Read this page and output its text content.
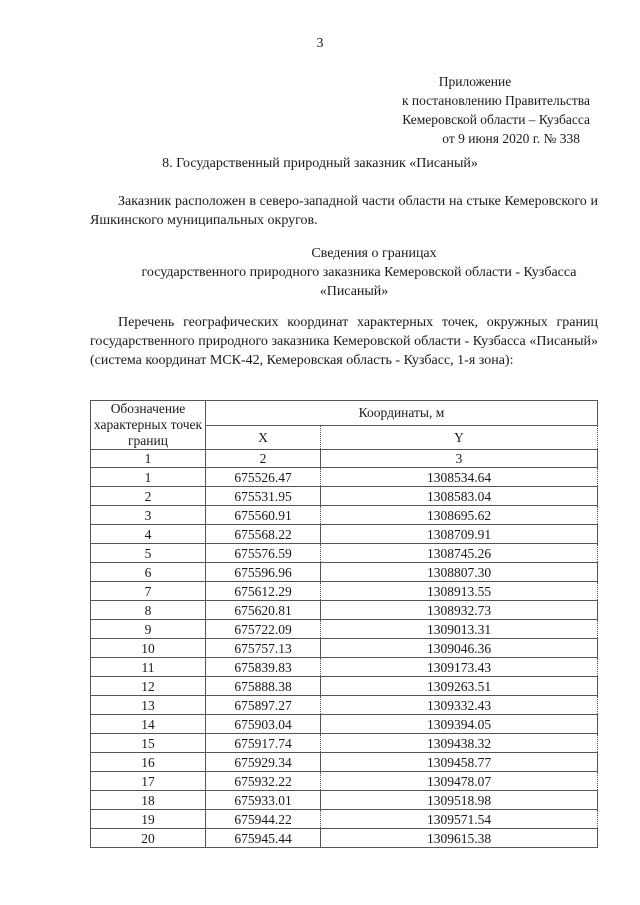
3
Приложение
к постановлению Правительства
Кемеровской области – Кузбасса
от 9 июня 2020 г. № 338
8. Государственный природный заказник «Писаный»
Заказник расположен в северо-западной части области на стыке Кемеровского и Яшкинского муниципальных округов.
Сведения о границах
государственного природного заказника Кемеровской области - Кузбасса
«Писаный»
Перечень географических координат характерных точек, окружных границ государственного природного заказника Кемеровской области - Кузбасса «Писаный» (система координат МСК-42, Кемеровская область - Кузбасс, 1-я зона):
Обозначение характерных точек границ	Координаты, м	
	X	Y
1	2	3
1	675526.47	1308534.64
2	675531.95	1308583.04
3	675560.91	1308695.62
4	675568.22	1308709.91
5	675576.59	1308745.26
6	675596.96	1308807.30
7	675612.29	1308913.55
8	675620.81	1308932.73
9	675722.09	1309013.31
10	675757.13	1309046.36
11	675839.83	1309173.43
12	675888.38	1309263.51
13	675897.27	1309332.43
14	675903.04	1309394.05
15	675917.74	1309438.32
16	675929.34	1309458.77
17	675932.22	1309478.07
18	675933.01	1309518.98
19	675944.22	1309571.54
20	675945.44	1309615.38
